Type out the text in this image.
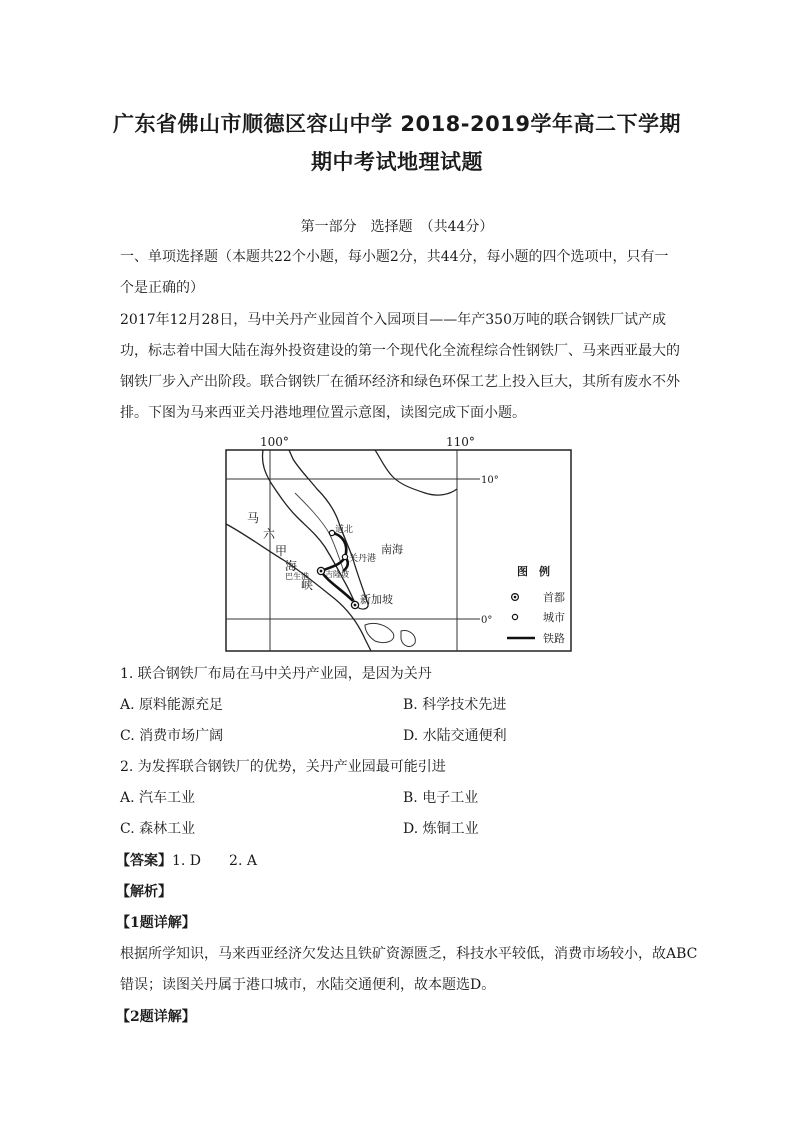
广东省佛山市顺德区容山中学 2018-2019学年高二下学期
期中考试地理试题
第一部分　选择题　（共44分）
一、单项选择题（本题共22个小题，每小题2分，共44分，每小题的四个选项中，只有一
个是正确的）
2017年12月28日，马中关丹产业园首个入园项目——年产350万吨的联合钢铁厂试产成
功，标志着中国大陆在海外投资建设的第一个现代化全流程综合性钢铁厂、马来西亚最大的
钢铁厂步入产出阶段。联合钢铁厂在循环经济和绿色环保工艺上投入巨大，其所有废水不外
排。下图为马来西亚关丹港地理位置示意图，读图完成下面小题。
道北
关丹港
吉隆坡
巴生港
新加坡
南海
马
六
甲
海
峡
10°
0°
图　例
首都
城市
铁路
100°	110°
1. 联合钢铁厂布局在马中关丹产业园，是因为关丹
A. 原料能源充足	B. 科学技术先进
C. 消费市场广阔	D. 水陆交通便利
2. 为发挥联合钢铁厂的优势，关丹产业园最可能引进
A. 汽车工业	B. 电子工业
C. 森林工业	D. 炼铜工业
【答案】1. D　　2. A
【解析】
【1题详解】
根据所学知识，马来西亚经济欠发达且铁矿资源匮乏，科技水平较低，消费市场较小，故ABC
错误；读图关丹属于港口城市，水陆交通便利，故本题选D。
【2题详解】
